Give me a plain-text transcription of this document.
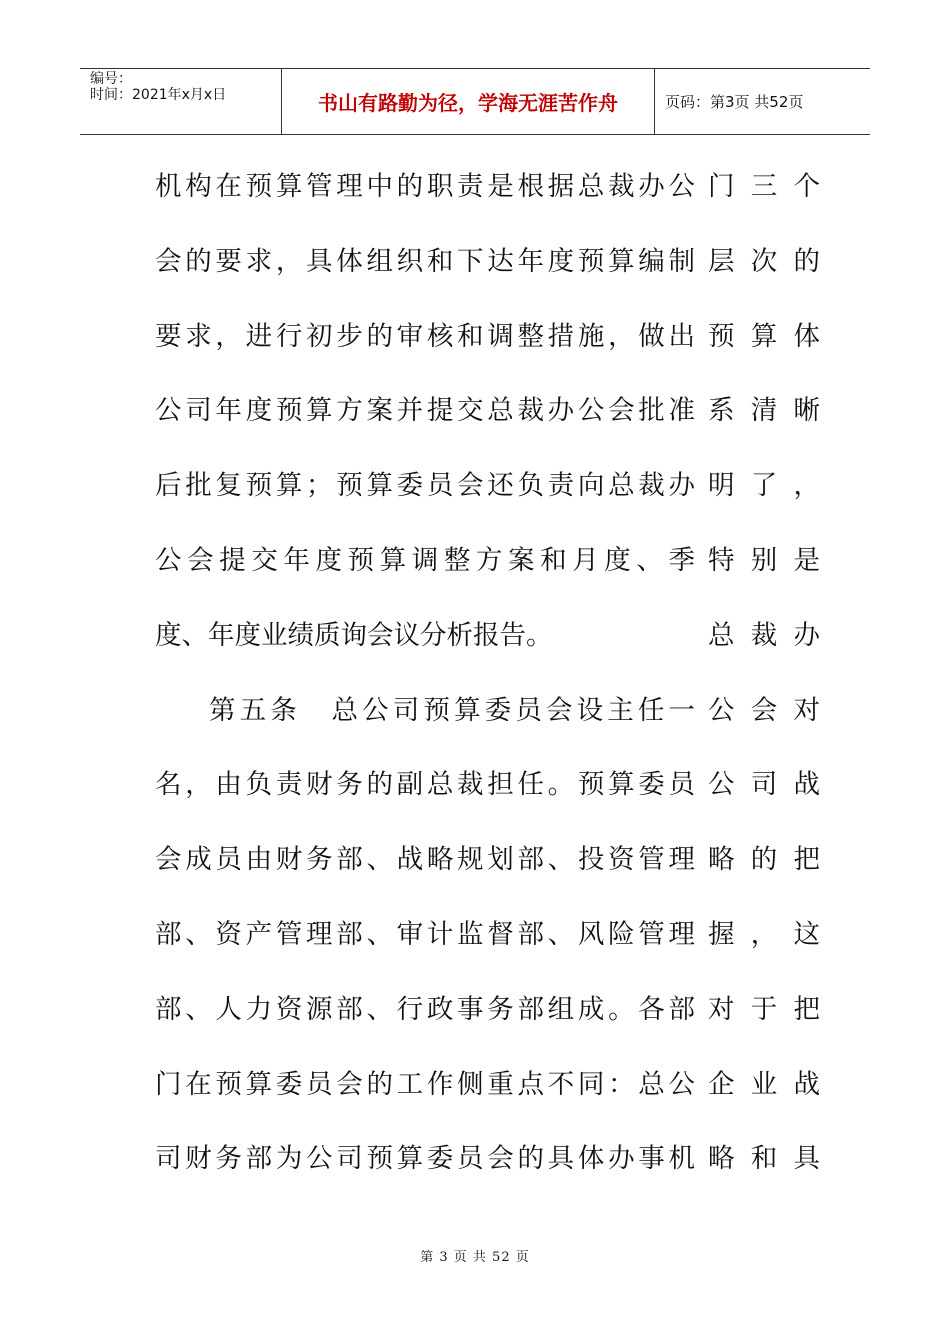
编号：
时间：2021年x月x日	书山有路勤为径，学海无涯苦作舟	页码：第3页 共52页
机构在预算管理中的职责是根据总裁办公
会的要求，具体组织和下达年度预算编制
要求，进行初步的审核和调整措施，做出
公司年度预算方案并提交总裁办公会批准
后批复预算；预算委员会还负责向总裁办
公会提交年度预算调整方案和月度、季
度、年度业绩质询会议分析报告。
第五条　总公司预算委员会设主任一
名，由负责财务的副总裁担任。预算委员
会成员由财务部、战略规划部、投资管理
部、资产管理部、审计监督部、风险管理
部、人力资源部、行政事务部组成。各部
门在预算委员会的工作侧重点不同：总公
司财务部为公司预算委员会的具体办事机
门三个
层次的
预算体
系清晰
明了，
特别是
总裁办
公会对
公司战
略的把
握，这
对于把
企业战
略和具
第 3 页 共 52 页
